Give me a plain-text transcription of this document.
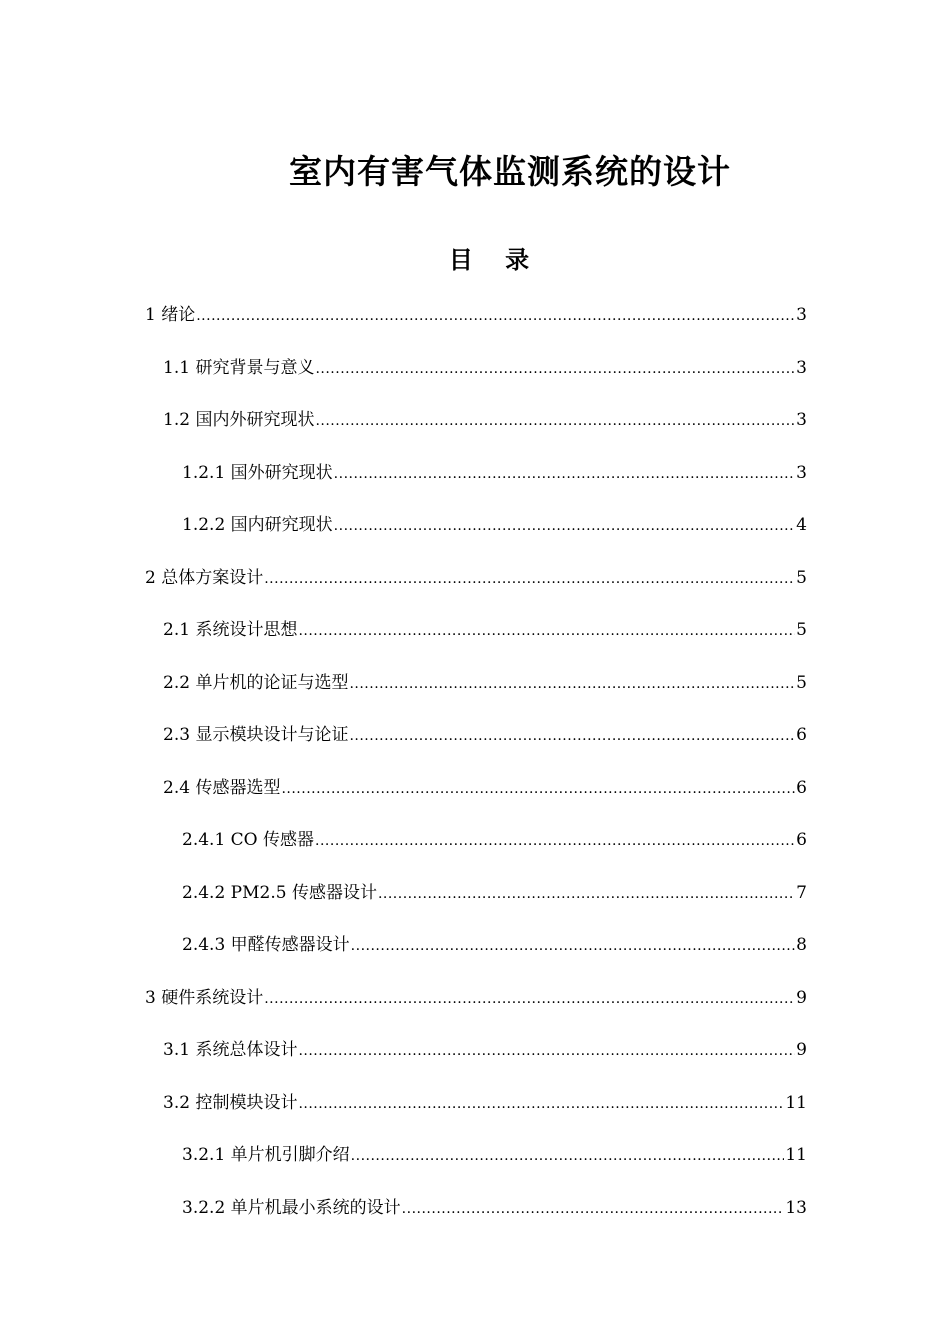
室内有害气体监测系统的设计
目 录
1 绪论 .....	3
1.1 研究背景与意义 .....	3
1.2 国内外研究现状 .....	3
1.2.1 国外研究现状 .....	3
1.2.2 国内研究现状 .....	4
2 总体方案设计 .....	5
2.1 系统设计思想 .....	5
2.2 单片机的论证与选型 .....	5
2.3 显示模块设计与论证 .....	6
2.4 传感器选型 .....	6
2.4.1 CO 传感器 .....	6
2.4.2 PM2.5 传感器设计 .....	7
2.4.3 甲醛传感器设计 .....	8
3 硬件系统设计 .....	9
3.1 系统总体设计 .....	9
3.2 控制模块设计 .....	11
3.2.1 单片机引脚介绍 .....	11
3.2.2 单片机最小系统的设计 .....	13
